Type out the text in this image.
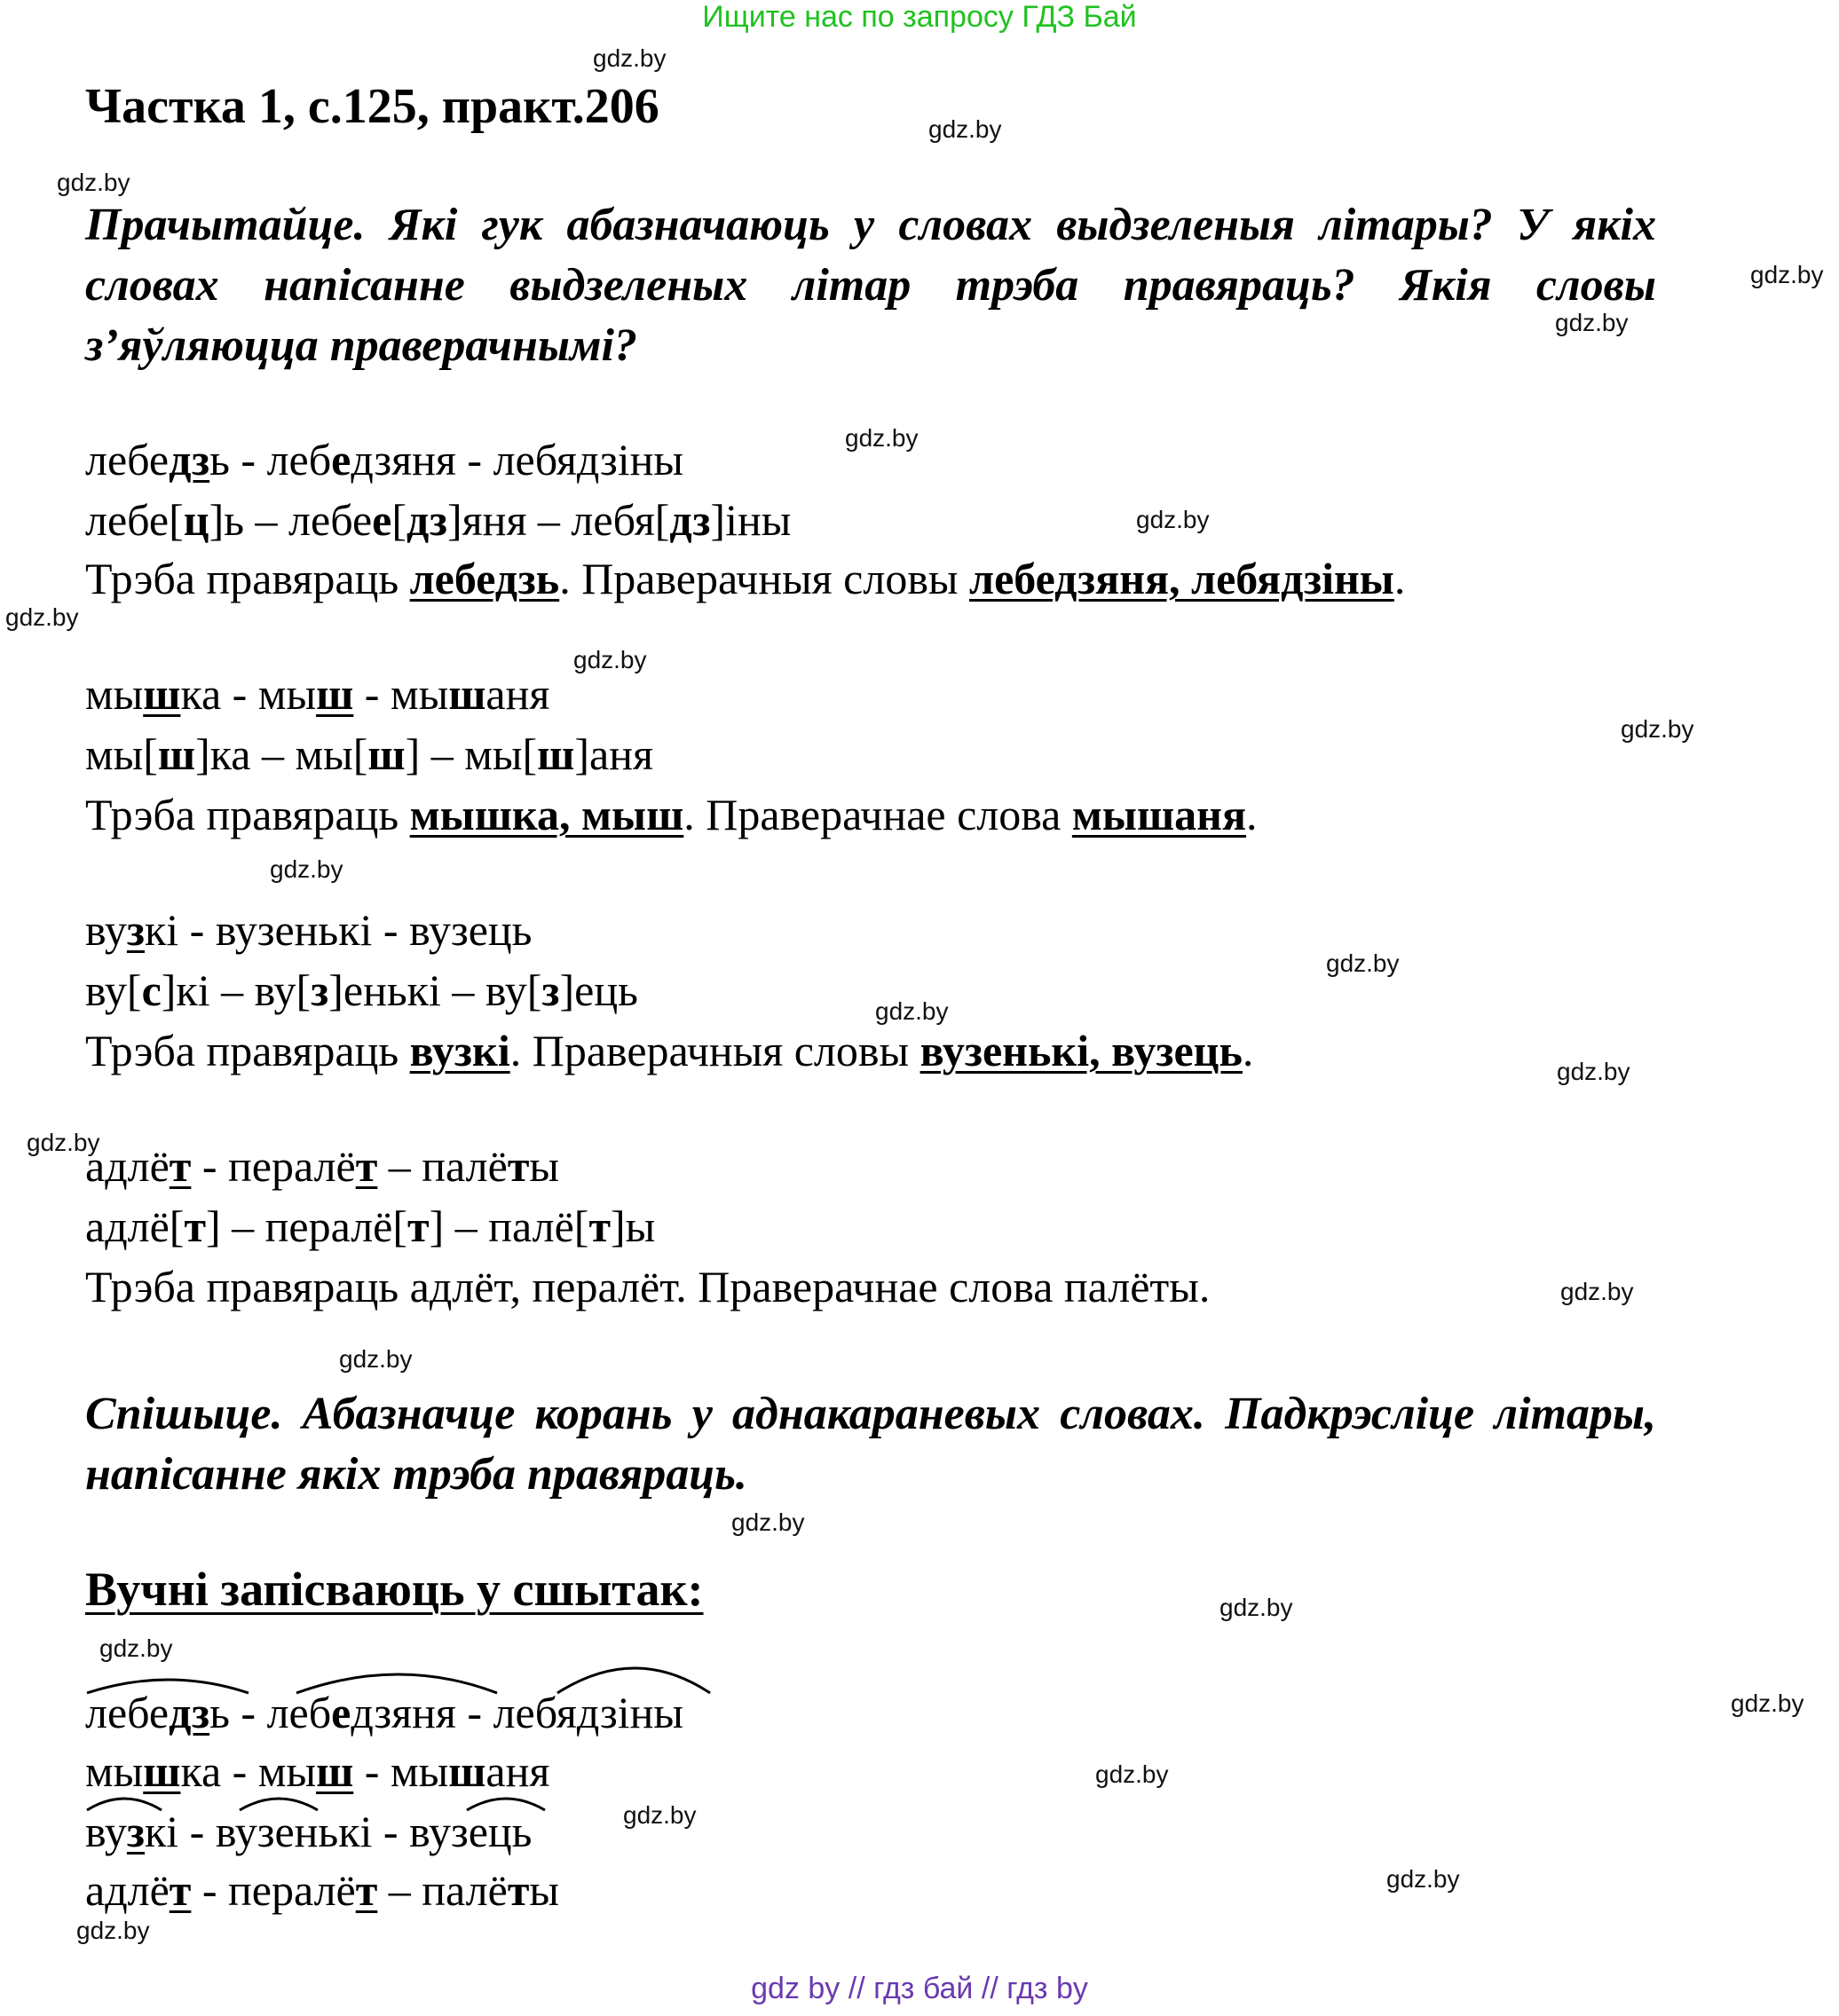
Ищите нас по запросу ГДЗ Бай
Частка 1, с.125, практ.206
Прачытайце. Які гук абазначаюць у словах выдзеленыя літары? У якіх словах напісанне выдзеленых літар трэба правяраць? Якія словы з’яўляюцца праверачнымі?
лебедзь - лебедзяня - лебядзіны
лебе[ц]ь – лебее[дз]яня – лебя[дз]іны
Трэба правяраць лебедзь. Праверачныя словы лебедзяня, лебядзіны.
мышка - мыш - мышаня
мы[ш]ка – мы[ш] – мы[ш]аня
Трэба правяраць мышка, мыш. Праверачнае слова мышаня.
вузкі - вузенькі - вузець
ву[с]кі – ву[з]енькі – ву[з]ець
Трэба правяраць вузкі. Праверачныя словы вузенькі, вузець.
адлёт - пералёт – палёты
адлё[т] – пералё[т] – палё[т]ы
Трэба правяраць адлёт, пералёт. Праверачнае слова палёты.
Спішыце. Абазначце корань у аднакараневых словах. Падкрэсліце літары, напісанне якіх трэба правяраць.
Вучні запісваюць у сшытак:
лебедзь - лебедзяня - лебядзіны
мышка - мыш - мышаня
вузкі - вузенькі - вузець
адлёт - пералёт – палёты
gdz.by
gdz.by
gdz.by
gdz.by
gdz.by
gdz.by
gdz.by
gdz.by
gdz.by
gdz.by
gdz.by
gdz.by
gdz.by
gdz.by
gdz.by
gdz.by
gdz.by
gdz.by
gdz.by
gdz.by
gdz.by
gdz.by
gdz.by
gdz.by
gdz.by
gdz by // гдз бай // гдз by
